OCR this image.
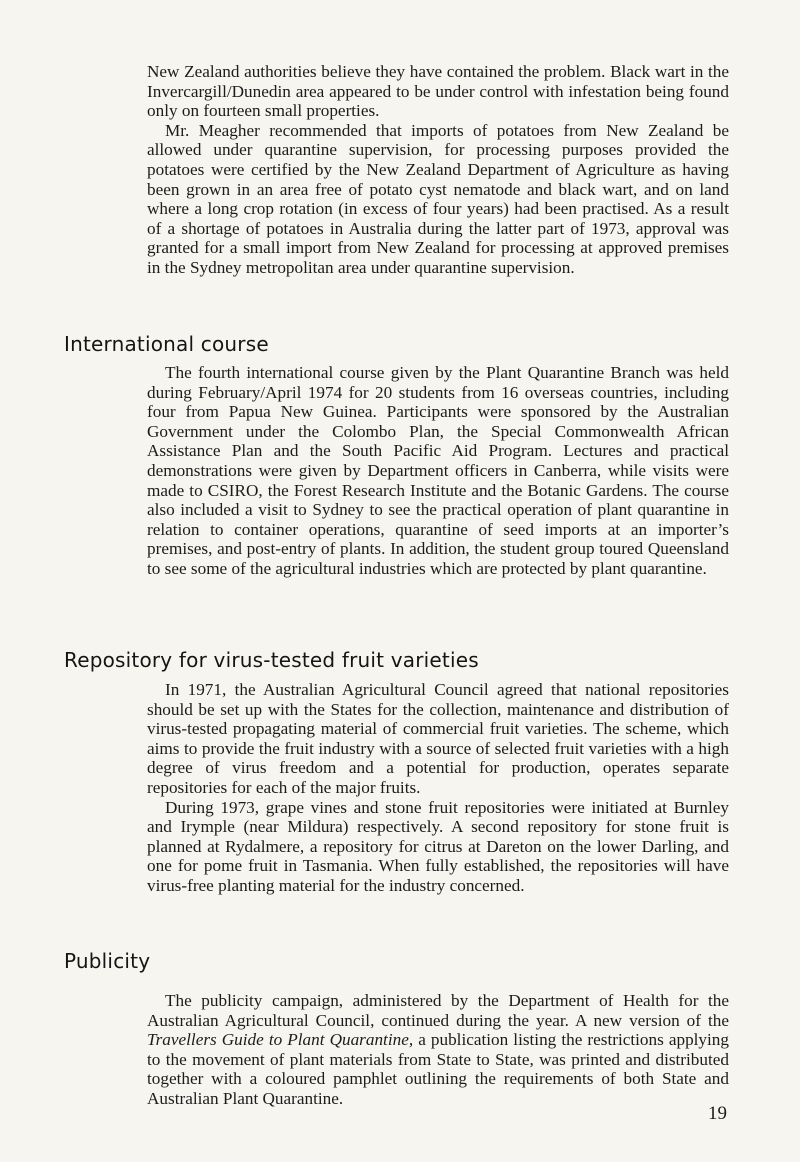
New Zealand authorities believe they have contained the problem. Black wart in the Invercargill/Dunedin area appeared to be under control with infestation being found only on fourteen small properties.

Mr. Meagher recommended that imports of potatoes from New Zealand be allowed under quarantine supervision, for processing purposes provided the potatoes were certified by the New Zealand Department of Agriculture as having been grown in an area free of potato cyst nematode and black wart, and on land where a long crop rotation (in excess of four years) had been practised. As a result of a shortage of potatoes in Australia during the latter part of 1973, approval was granted for a small import from New Zealand for processing at approved premises in the Sydney metropolitan area under quarantine supervision.

International course

The fourth international course given by the Plant Quarantine Branch was held during February/April 1974 for 20 students from 16 overseas countries, including four from Papua New Guinea. Participants were sponsored by the Australian Government under the Colombo Plan, the Special Commonwealth African Assistance Plan and the South Pacific Aid Program. Lectures and practical demonstrations were given by Department officers in Canberra, while visits were made to CSIRO, the Forest Research Institute and the Botanic Gardens. The course also included a visit to Sydney to see the practical operation of plant quarantine in relation to container operations, quarantine of seed imports at an importer’s premises, and post-entry of plants. In addition, the student group toured Queensland to see some of the agricultural industries which are protected by plant quarantine.

Repository for virus-tested fruit varieties

In 1971, the Australian Agricultural Council agreed that national repositories should be set up with the States for the collection, maintenance and distribution of virus-tested propagating material of commercial fruit varieties. The scheme, which aims to provide the fruit industry with a source of selected fruit varieties with a high degree of virus freedom and a potential for production, operates separate repositories for each of the major fruits.

During 1973, grape vines and stone fruit repositories were initiated at Burnley and Irymple (near Mildura) respectively. A second repository for stone fruit is planned at Rydalmere, a repository for citrus at Dareton on the lower Darling, and one for pome fruit in Tasmania. When fully established, the repositories will have virus-free planting material for the industry concerned.

Publicity

The publicity campaign, administered by the Department of Health for the Australian Agricultural Council, continued during the year. A new version of the Travellers Guide to Plant Quarantine, a publication listing the restrictions applying to the movement of plant materials from State to State, was printed and distributed together with a coloured pamphlet outlining the requirements of both State and Australian Plant Quarantine.

19
